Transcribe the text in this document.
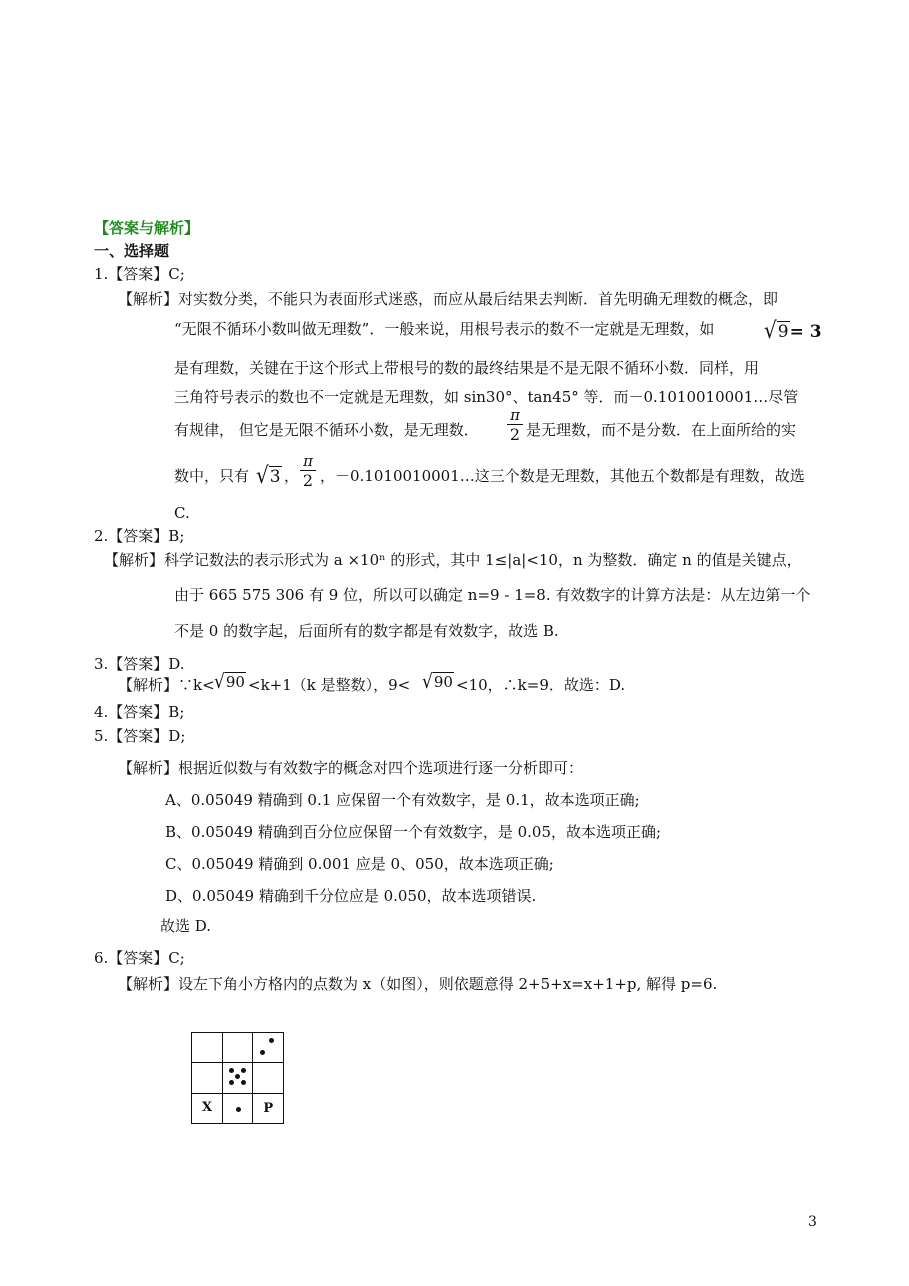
【答案与解析】
一、选择题
1.【答案】C;
【解析】对实数分类，不能只为表面形式迷惑，而应从最后结果去判断．首先明确无理数的概念，即
“无限不循环小数叫做无理数”．一般来说，用根号表示的数不一定就是无理数，如 √9= 3
是有理数，关键在于这个形式上带根号的数的最终结果是不是无限不循环小数．同样，用
三角符号表示的数也不一定就是无理数，如 sin30°、tan45° 等．而－0.1010010001…尽管
有规律， 但它是无限不循环小数，是无理数．
π
2 是无理数，而不是分数．在上面所给的实
数中，只有 √3 ，
π
2 ，－0.1010010001…这三个数是无理数，其他五个数都是有理数，故选
C.
2.【答案】B;
【解析】科学记数法的表示形式为 a ×10ⁿ 的形式，其中 1≤|a|<10，n 为整数．确定 n 的值是关键点，
由于 665 575 306 有 9 位，所以可以确定 n=9 - 1=8. 有效数字的计算方法是：从左边第一个
不是 0 的数字起，后面所有的数字都是有效数字，故选 B.
3.【答案】D.
【解析】∵k< √90 <k+1（k 是整数），9< √90 <10，∴k=9．故选：D.
4.【答案】B;
5.【答案】D;
【解析】根据近似数与有效数字的概念对四个选项进行逐一分析即可：
A、0.05049 精确到 0.1 应保留一个有效数字，是 0.1，故本选项正确;
B、0.05049 精确到百分位应保留一个有效数字，是 0.05，故本选项正确;
C、0.05049 精确到 0.001 应是 0、050，故本选项正确;
D、0.05049 精确到千分位应是 0.050，故本选项错误.
故选 D.
6.【答案】C;
【解析】设左下角小方格内的点数为 x（如图），则依题意得 2+5+x=x+1+p, 解得 p=6.

X		P
3
